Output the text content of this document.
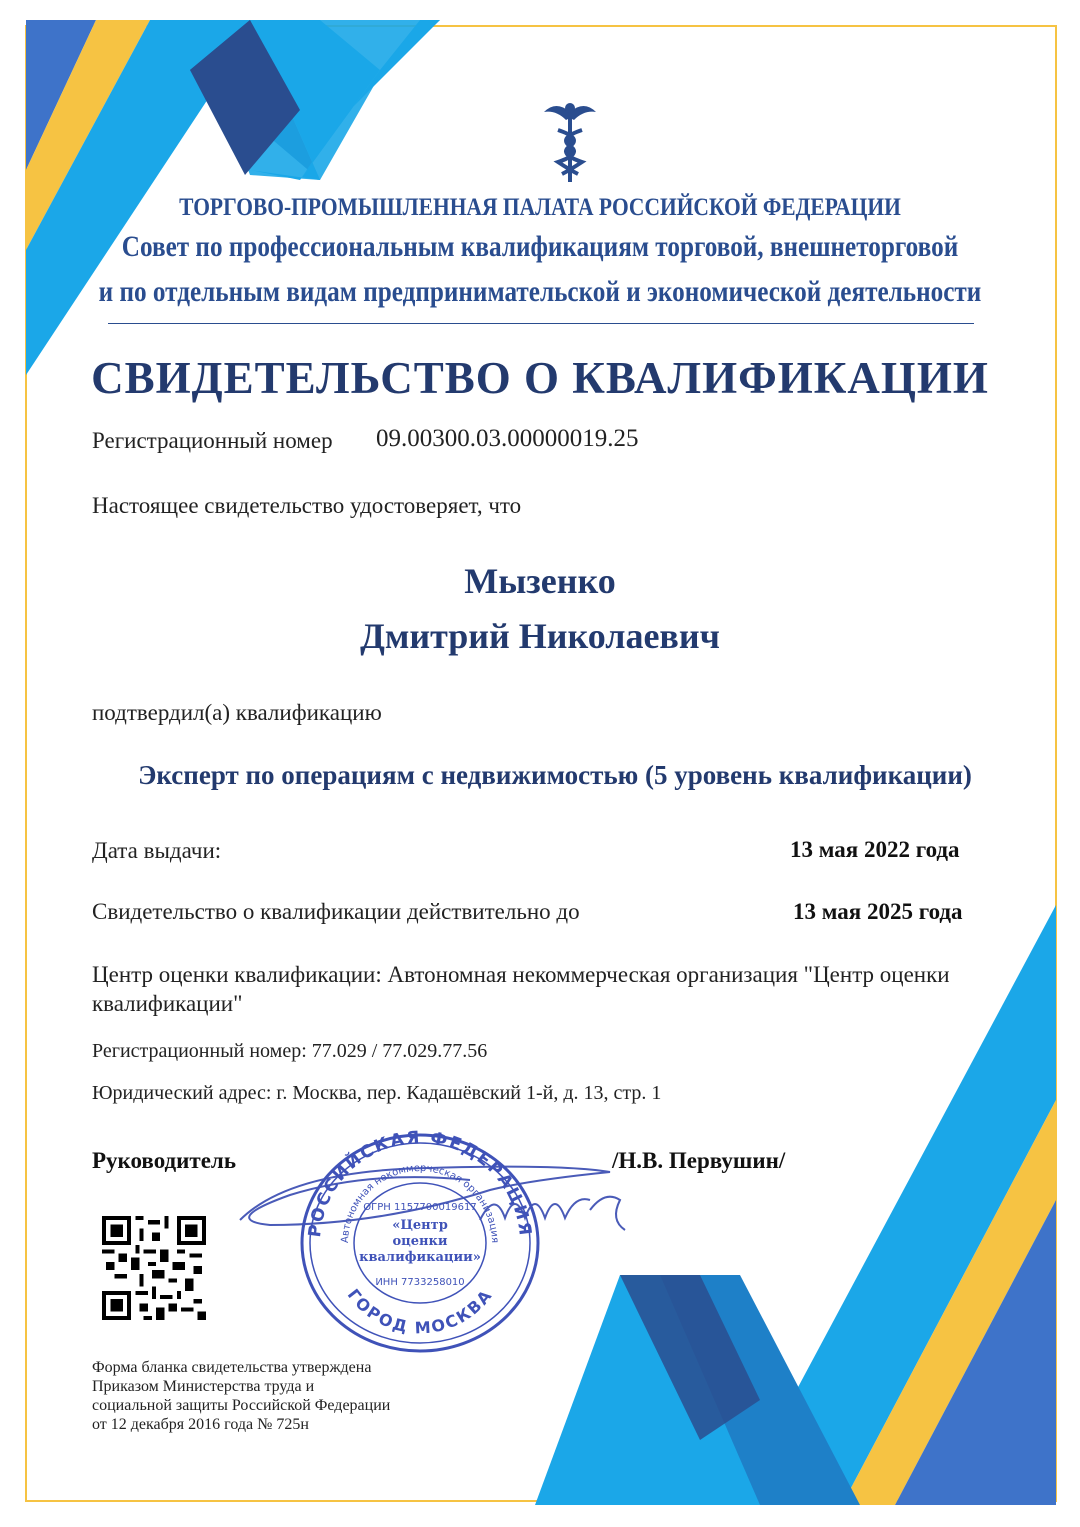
ТОРГОВО-ПРОМЫШЛЕННАЯ ПАЛАТА РОССИЙСКОЙ ФЕДЕРАЦИИ
Совет по профессиональным квалификациям торговой, внешнеторговой
и по отдельным видам предпринимательской и экономической деятельности
СВИДЕТЕЛЬСТВО О КВАЛИФИКАЦИИ
Регистрационный номер 09.00300.03.00000019.25
Настоящее свидетельство удостоверяет, что
Мызенко
Дмитрий Николаевич
подтвердил(а) квалификацию
Эксперт по операциям с недвижимостью (5 уровень квалификации)
Дата выдачи:	13 мая 2022 года
Свидетельство о квалификации действительно до	13 мая 2025 года
Центр оценки квалификации: Автономная некоммерческая организация "Центр оценки квалификации"
Регистрационный номер: 77.029 / 77.029.77.56
Юридический адрес: г. Москва, пер. Кадашёвский 1-й, д. 13, стр. 1
Руководитель	/Н.В. Первушин/
РОССИЙСКАЯ ФЕДЕРАЦИЯ
ГОРОД МОСКВА
Автономная некоммерческая организация
ОГРН 1157700019617
«Центр
оценки
квалификации»
ИНН 7733258010
Форма бланка свидетельства утверждена
Приказом Министерства труда и
социальной защиты Российской Федерации
от 12 декабря 2016 года № 725н
